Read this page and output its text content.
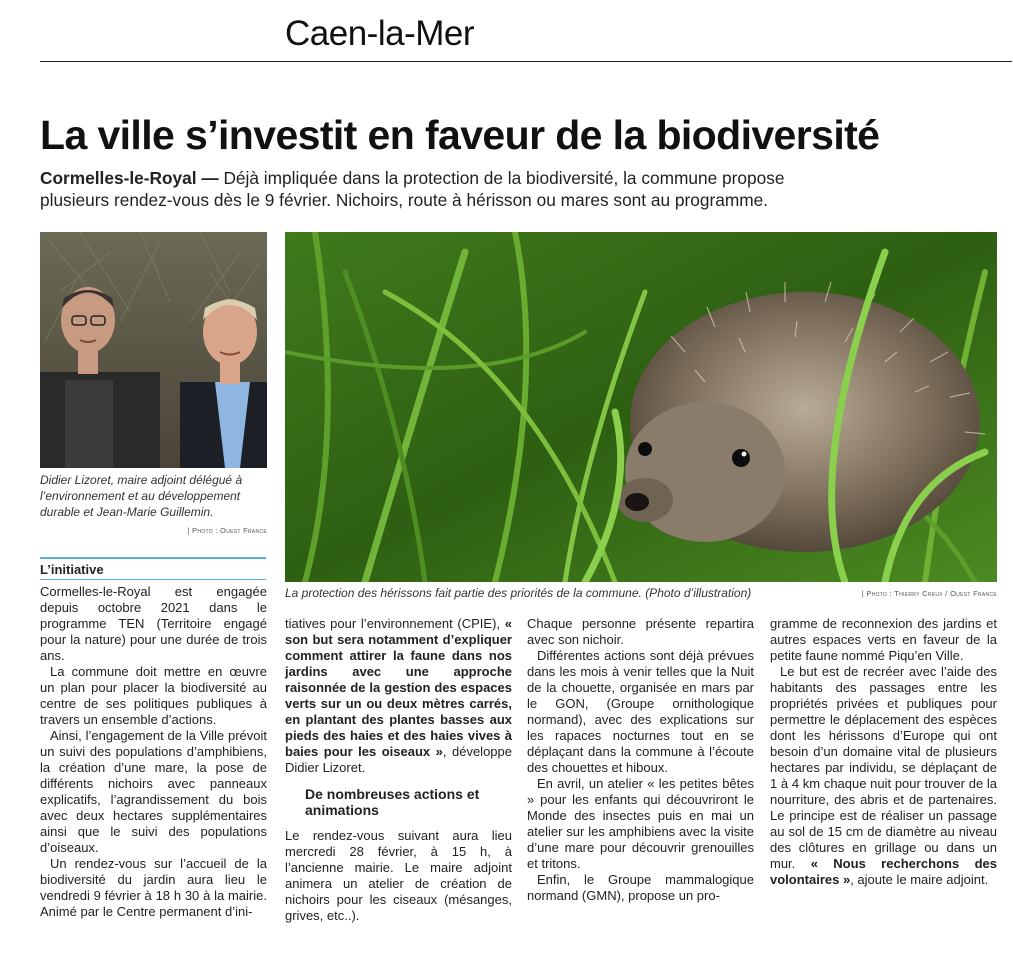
Caen-la-Mer
La ville s’investit en faveur de la biodiversité
Cormelles-le-Royal — Déjà impliquée dans la protection de la biodiversité, la commune propose plusieurs rendez-vous dès le 9 février. Nichoirs, route à hérisson ou mares sont au programme.
Didier Lizoret, maire adjoint délégué à l’environnement et au développement durable et Jean-Marie Guillemin.
| Photo : Ouest France
La protection des hérissons fait partie des priorités de la commune. (Photo d’illustration)	| Photo : Thierry Creux / Ouest France
L’initiative

Cormelles-le-Royal est engagée depuis octobre 2021 dans le programme TEN (Territoire engagé pour la nature) pour une durée de trois ans.

La commune doit mettre en œuvre un plan pour placer la biodiversité au centre de ses politiques publiques à travers un ensemble d’actions.

Ainsi, l’engagement de la Ville prévoit un suivi des populations d’amphibiens, la création d’une mare, la pose de différents nichoirs avec panneaux explicatifs, l’agrandissement du bois avec deux hectares supplémentaires ainsi que le suivi des populations d’oiseaux.

Un rendez-vous sur l’accueil de la biodiversité du jardin aura lieu le vendredi 9 février à 18 h 30 à la mairie. Animé par le Centre permanent d’ini-

tiatives pour l’environnement (CPIE), « son but sera notamment d’expliquer comment attirer la faune dans nos jardins avec une approche raisonnée de la gestion des espaces verts sur un ou deux mètres carrés, en plantant des plantes basses aux pieds des haies et des haies vives à baies pour les oiseaux », développe Didier Lizoret.

De nombreuses actions et animations

Le rendez-vous suivant aura lieu mercredi 28 février, à 15 h, à l’ancienne mairie. Le maire adjoint animera un atelier de création de nichoirs pour les ciseaux (mésanges, grives, etc..).

Chaque personne présente repartira avec son nichoir.

Différentes actions sont déjà prévues dans les mois à venir telles que la Nuit de la chouette, organisée en mars par le GON, (Groupe ornithologique normand), avec des explications sur les rapaces nocturnes tout en se déplaçant dans la commune à l’écoute des chouettes et hiboux.

En avril, un atelier « les petites bêtes » pour les enfants qui découvriront le Monde des insectes puis en mai un atelier sur les amphibiens avec la visite d’une mare pour découvrir grenouilles et tritons.

Enfin, le Groupe mammalogique normand (GMN), propose un pro-

gramme de reconnexion des jardins et autres espaces verts en faveur de la petite faune nommé Piqu’en Ville.

Le but est de recréer avec l’aide des habitants des passages entre les propriétés privées et publiques pour permettre le déplacement des espèces dont les hérissons d’Europe qui ont besoin d’un domaine vital de plusieurs hectares par individu, se déplaçant de 1 à 4 km chaque nuit pour trouver de la nourriture, des abris et de partenaires. Le principe est de réaliser un passage au sol de 15 cm de diamètre au niveau des clôtures en grillage ou dans un mur. « Nous recherchons des volontaires », ajoute le maire adjoint.
